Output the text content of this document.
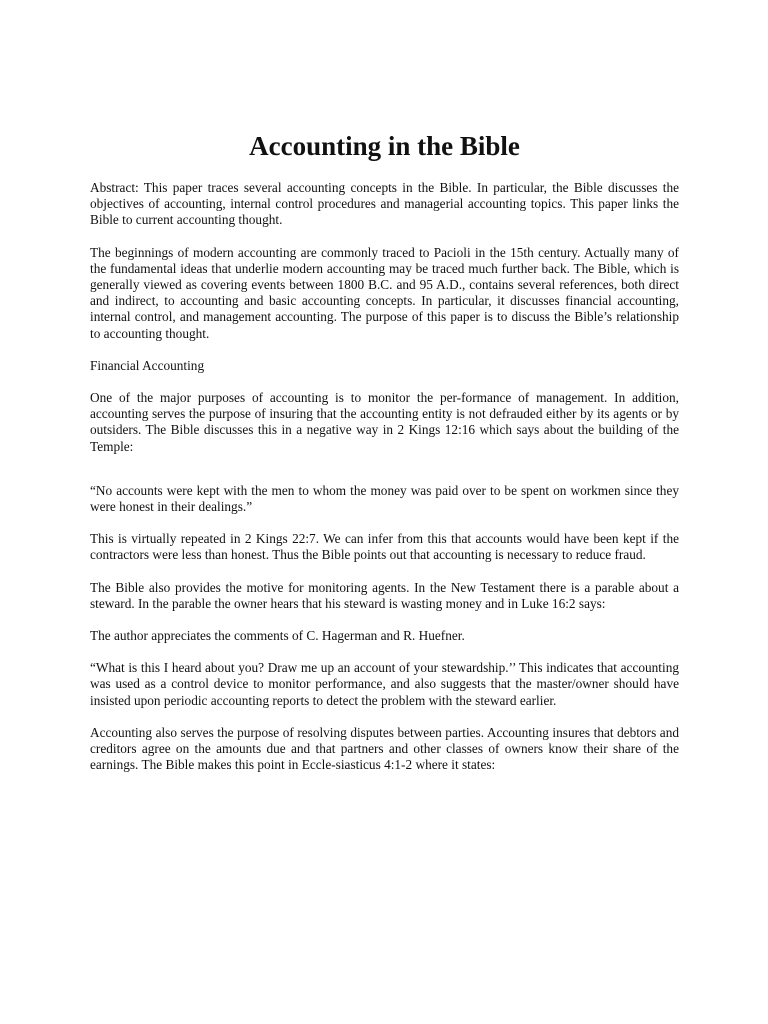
Accounting in the Bible

Abstract: This paper traces several accounting concepts in the Bible. In particular, the Bible discusses the objectives of accounting, internal control procedures and managerial accounting topics. This paper links the Bible to current accounting thought.

The beginnings of modern accounting are commonly traced to Pacioli in the 15th century. Actually many of the fundamental ideas that underlie modern accounting may be traced much further back. The Bible, which is generally viewed as covering events between 1800 B.C. and 95 A.D., contains several references, both direct and indirect, to accounting and basic accounting concepts. In particular, it discusses financial accounting, internal control, and management accounting. The purpose of this paper is to discuss the Bible’s relationship to accounting thought.

Financial Accounting

One of the major purposes of accounting is to monitor the per-formance of management. In addition, accounting serves the purpose of insuring that the accounting entity is not defrauded either by its agents or by outsiders. The Bible discusses this in a negative way in 2 Kings 12:16 which says about the building of the Temple:

“No accounts were kept with the men to whom the money was paid over to be spent on workmen since they were honest in their dealings.”

This is virtually repeated in 2 Kings 22:7. We can infer from this that accounts would have been kept if the contractors were less than honest. Thus the Bible points out that accounting is necessary to reduce fraud.

The Bible also provides the motive for monitoring agents. In the New Testament there is a parable about a steward. In the parable the owner hears that his steward is wasting money and in Luke 16:2 says:

The author appreciates the comments of C. Hagerman and R. Huefner.

“What is this I heard about you? Draw me up an account of your stewardship.’’ This indicates that accounting was used as a control device to monitor performance, and also suggests that the master/owner should have insisted upon periodic accounting reports to detect the problem with the steward earlier.

Accounting also serves the purpose of resolving disputes between parties. Accounting insures that debtors and creditors agree on the amounts due and that partners and other classes of owners know their share of the earnings. The Bible makes this point in Eccle-siasticus 4:1-2 where it states:
